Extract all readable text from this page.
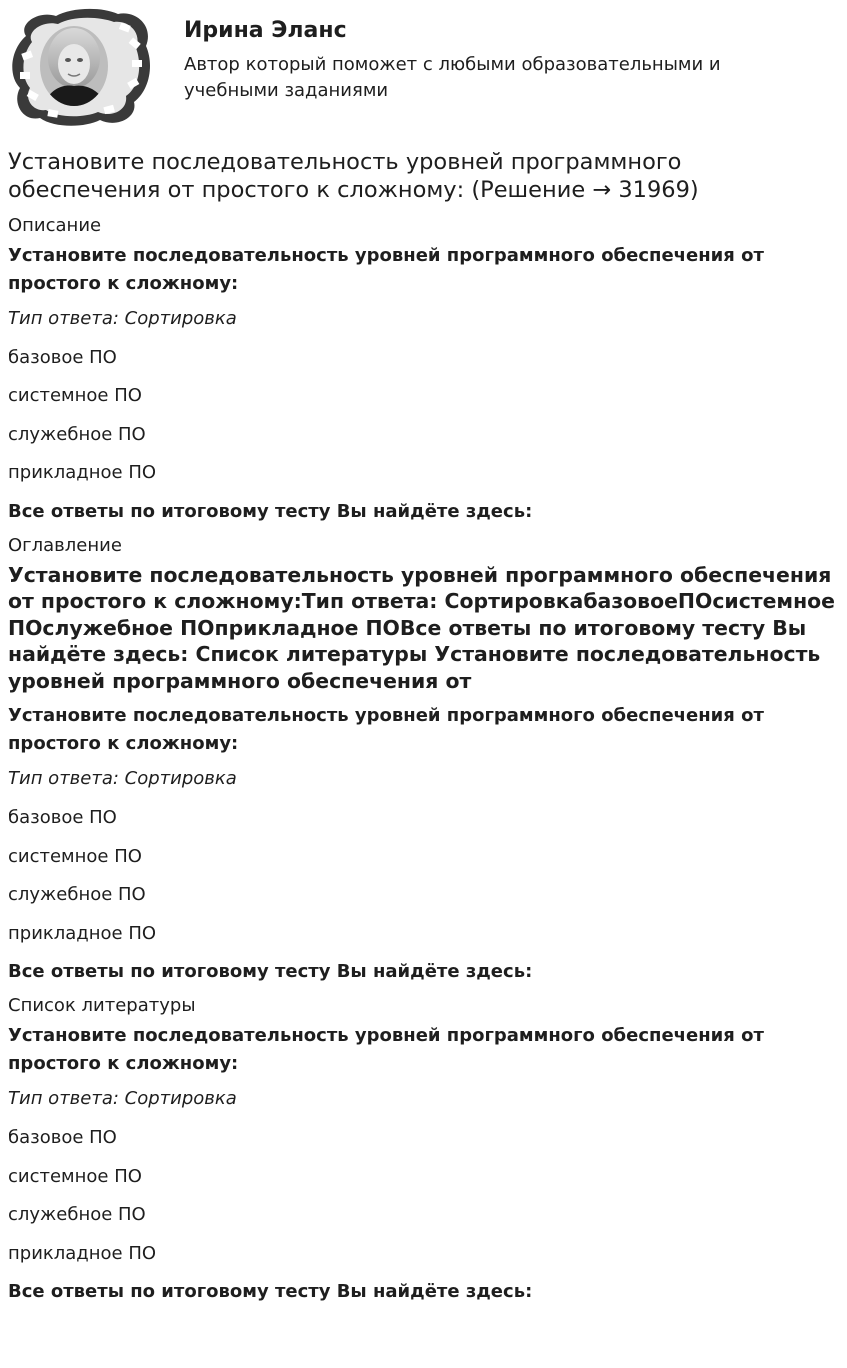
Ирина Эланс
Автор который поможет с любыми образовательными и учебными заданиями
Установите последовательность уровней программного обеспечения от простого к сложному: (Решение → 31969)
Описание
Установите последовательность уровней программного обеспечения от простого к сложному:
Тип ответа: Сортировка
базовое ПО
системное ПО
служебное ПО
прикладное ПО
Все ответы по итоговому тесту Вы найдёте здесь:
Оглавление
Установите последовательность уровней программного обеспечения от простого к сложному:Тип ответа: СортировкабазовоеПОсистемное ПОслужебное ПОприкладное ПОВсе ответы по итоговому тесту Вы найдёте здесь: Список литературы Установите последовательность уровней программного обеспечения от
Установите последовательность уровней программного обеспечения от простого к сложному:
Тип ответа: Сортировка
базовое ПО
системное ПО
служебное ПО
прикладное ПО
Все ответы по итоговому тесту Вы найдёте здесь:
Список литературы
Установите последовательность уровней программного обеспечения от простого к сложному:
Тип ответа: Сортировка
базовое ПО
системное ПО
служебное ПО
прикладное ПО
Все ответы по итоговому тесту Вы найдёте здесь:
